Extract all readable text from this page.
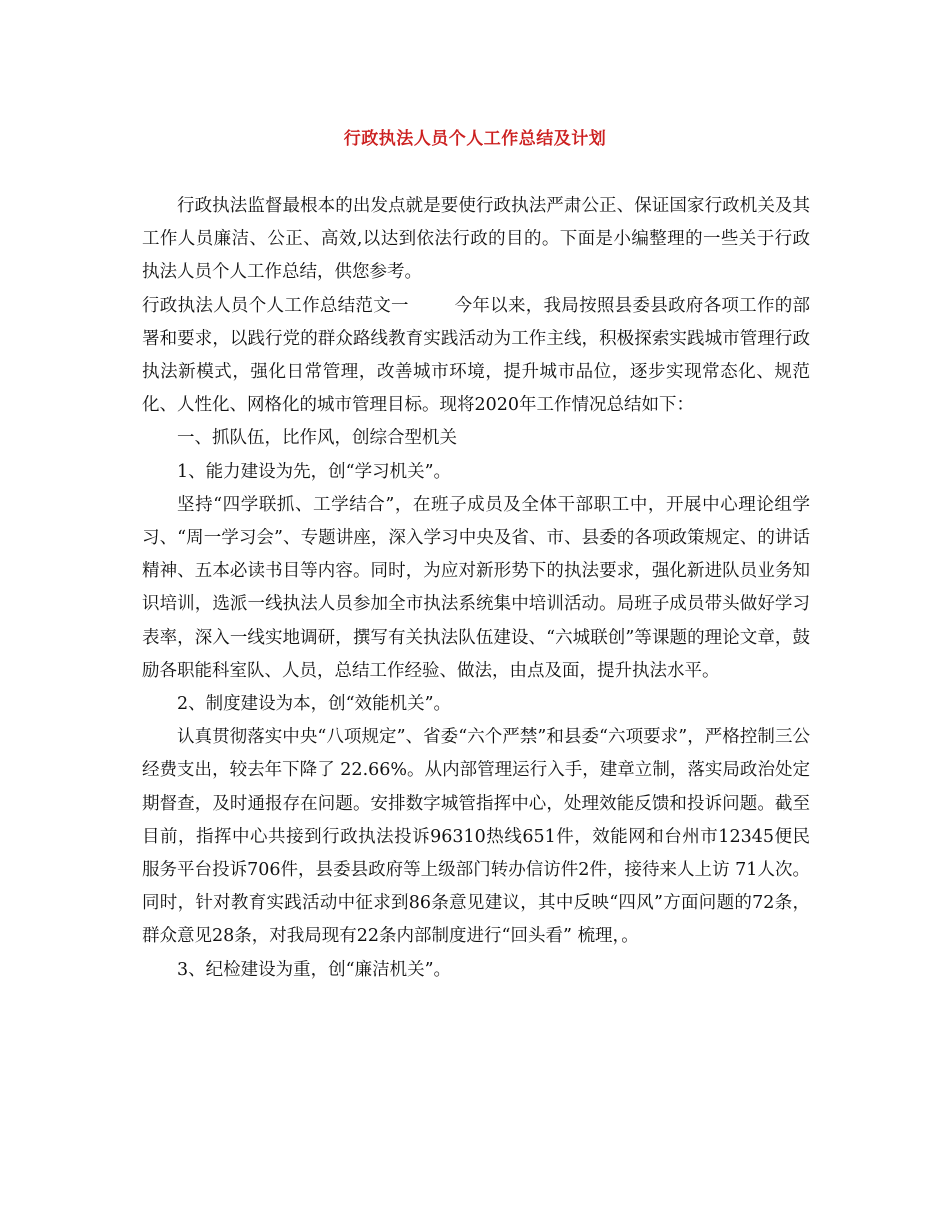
行政执法人员个人工作总结及计划

行政执法监督最根本的出发点就是要使行政执法严肃公正、保证国家行政机关及其工作人员廉洁、公正、高效,以达到依法行政的目的。下面是小编整理的一些关于行政执法人员个人工作总结，供您参考。

行政执法人员个人工作总结范文一	今年以来，我局按照县委县政府各项工作的部署和要求，以践行党的群众路线教育实践活动为工作主线，积极探索实践城市管理行政执法新模式，强化日常管理，改善城市环境，提升城市品位，逐步实现常态化、规范化、人性化、网格化的城市管理目标。现将2020年工作情况总结如下：

一、抓队伍，比作风，创综合型机关

1、能力建设为先，创“学习机关”。

坚持“四学联抓、工学结合”，在班子成员及全体干部职工中，开展中心理论组学习、“周一学习会”、专题讲座，深入学习中央及省、市、县委的各项政策规定、的讲话精神、五本必读书目等内容。同时，为应对新形势下的执法要求，强化新进队员业务知识培训，选派一线执法人员参加全市执法系统集中培训活动。局班子成员带头做好学习表率，深入一线实地调研，撰写有关执法队伍建设、“六城联创”等课题的理论文章，鼓励各职能科室队、人员，总结工作经验、做法，由点及面，提升执法水平。

2、制度建设为本，创“效能机关”。

认真贯彻落实中央“八项规定”、省委“六个严禁”和县委“六项要求”，严格控制三公经费支出，较去年下降了 22.66%。从内部管理运行入手，建章立制，落实局政治处定期督查，及时通报存在问题。安排数字城管指挥中心，处理效能反馈和投诉问题。截至目前，指挥中心共接到行政执法投诉96310热线651件，效能网和台州市12345便民服务平台投诉706件，县委县政府等上级部门转办信访件2件，接待来人上访 71人次。同时，针对教育实践活动中征求到86条意见建议，其中反映“四风”方面问题的72条，群众意见28条，对我局现有22条内部制度进行“回头看” 梳理，。

3、纪检建设为重，创“廉洁机关”。
